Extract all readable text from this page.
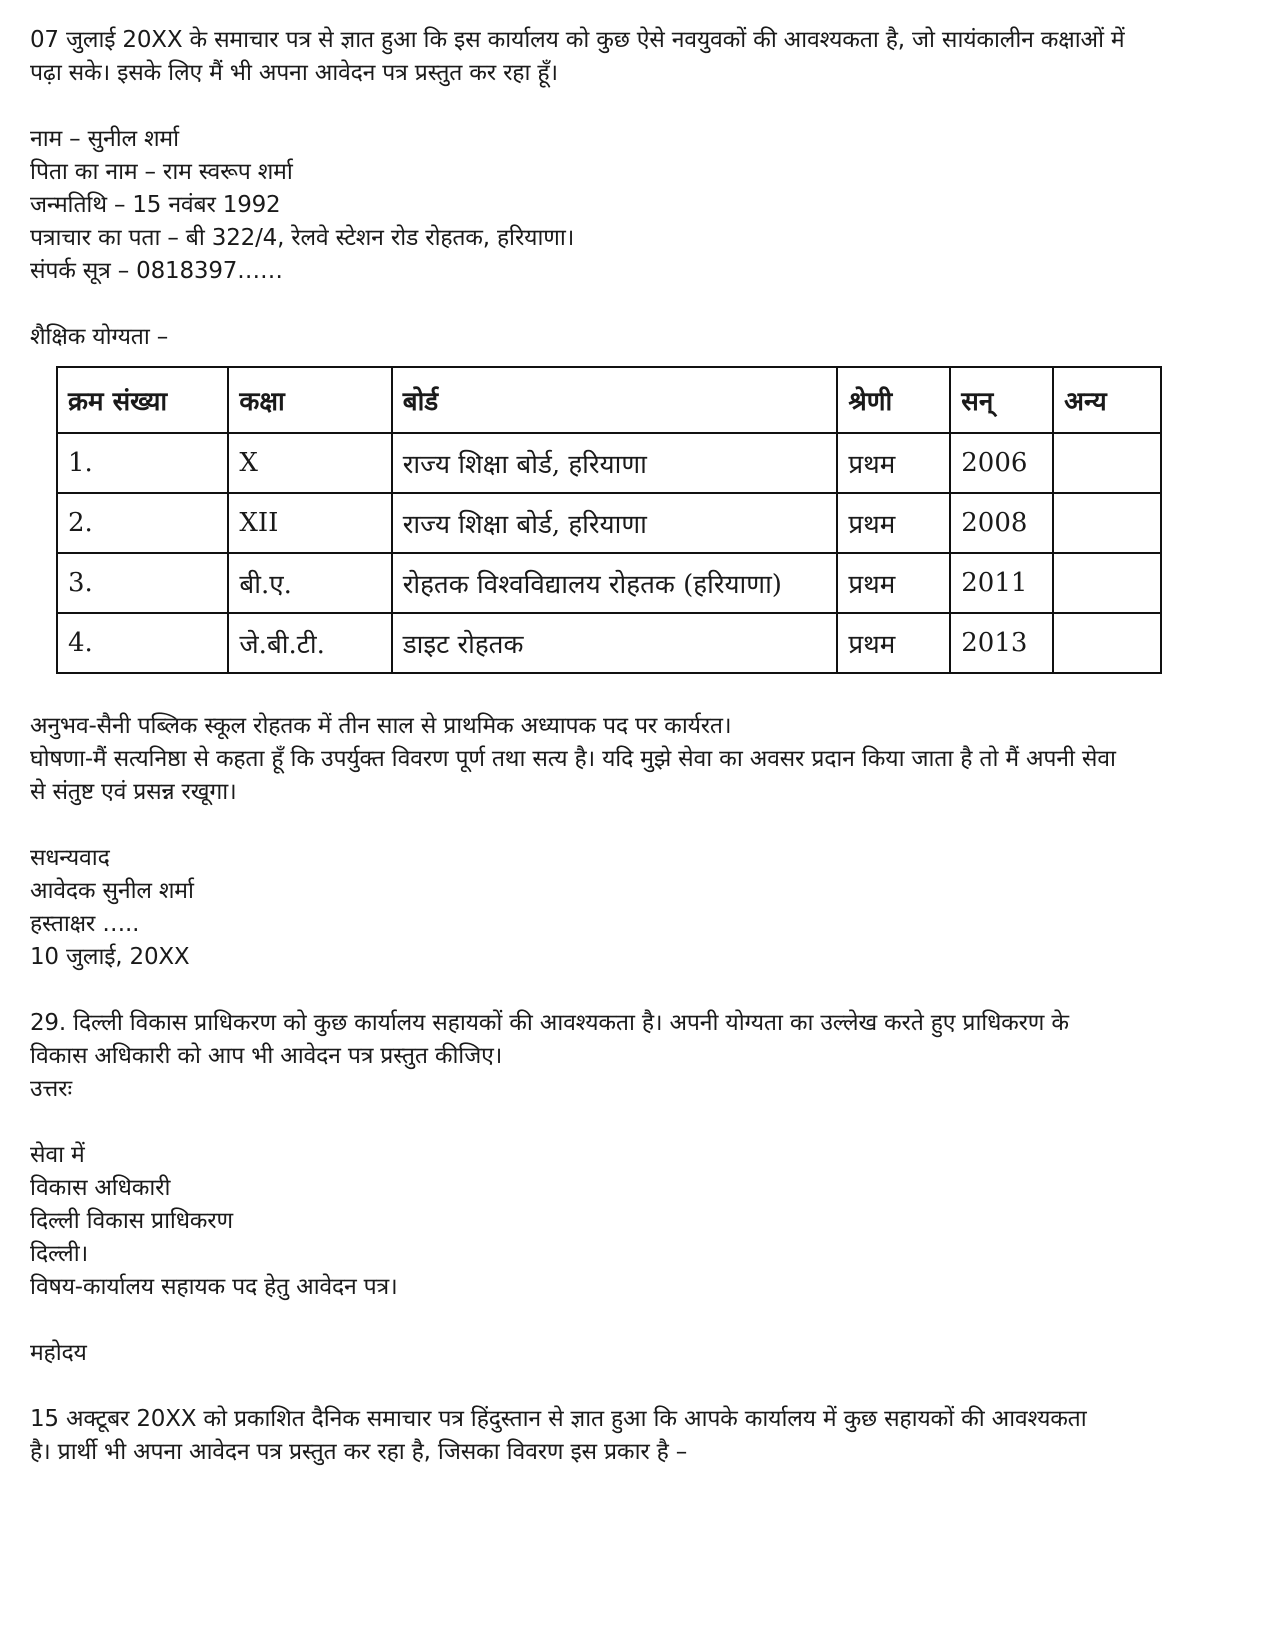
07 जुलाई 20XX के समाचार पत्र से ज्ञात हुआ कि इस कार्यालय को कुछ ऐसे नवयुवकों की आवश्यकता है, जो सायंकालीन कक्षाओं में

पढ़ा सके। इसके लिए मैं भी अपना आवेदन पत्र प्रस्तुत कर रहा हूँ।

नाम – सुनील शर्मा

पिता का नाम – राम स्वरूप शर्मा

जन्मतिथि – 15 नवंबर 1992

पत्राचार का पता – बी 322/4, रेलवे स्टेशन रोड रोहतक, हरियाणा।

संपर्क सूत्र – 0818397……

शैक्षिक योग्यता –

क्रम संख्या	कक्षा	बोर्ड	श्रेणी	सन्	अन्य
1.	X	राज्य शिक्षा बोर्ड, हरियाणा	प्रथम	2006	
2.	XII	राज्य शिक्षा बोर्ड, हरियाणा	प्रथम	2008	
3.	बी.ए.	रोहतक विश्वविद्यालय रोहतक (हरियाणा)	प्रथम	2011	
4.	जे.बी.टी.	डाइट रोहतक	प्रथम	2013	

अनुभव-सैनी पब्लिक स्कूल रोहतक में तीन साल से प्राथमिक अध्यापक पद पर कार्यरत।

घोषणा-मैं सत्यनिष्ठा से कहता हूँ कि उपर्युक्त विवरण पूर्ण तथा सत्य है। यदि मुझे सेवा का अवसर प्रदान किया जाता है तो मैं अपनी सेवा

से संतुष्ट एवं प्रसन्न रखूगा।

सधन्यवाद

आवेदक सुनील शर्मा

हस्ताक्षर …..

10 जुलाई, 20XX

29. दिल्ली विकास प्राधिकरण को कुछ कार्यालय सहायकों की आवश्यकता है। अपनी योग्यता का उल्लेख करते हुए प्राधिकरण के

विकास अधिकारी को आप भी आवेदन पत्र प्रस्तुत कीजिए।

उत्तरः

सेवा में

विकास अधिकारी

दिल्ली विकास प्राधिकरण

दिल्ली।

विषय-कार्यालय सहायक पद हेतु आवेदन पत्र।

महोदय

15 अक्टूबर 20XX को प्रकाशित दैनिक समाचार पत्र हिंदुस्तान से ज्ञात हुआ कि आपके कार्यालय में कुछ सहायकों की आवश्यकता

है। प्रार्थी भी अपना आवेदन पत्र प्रस्तुत कर रहा है, जिसका विवरण इस प्रकार है –
